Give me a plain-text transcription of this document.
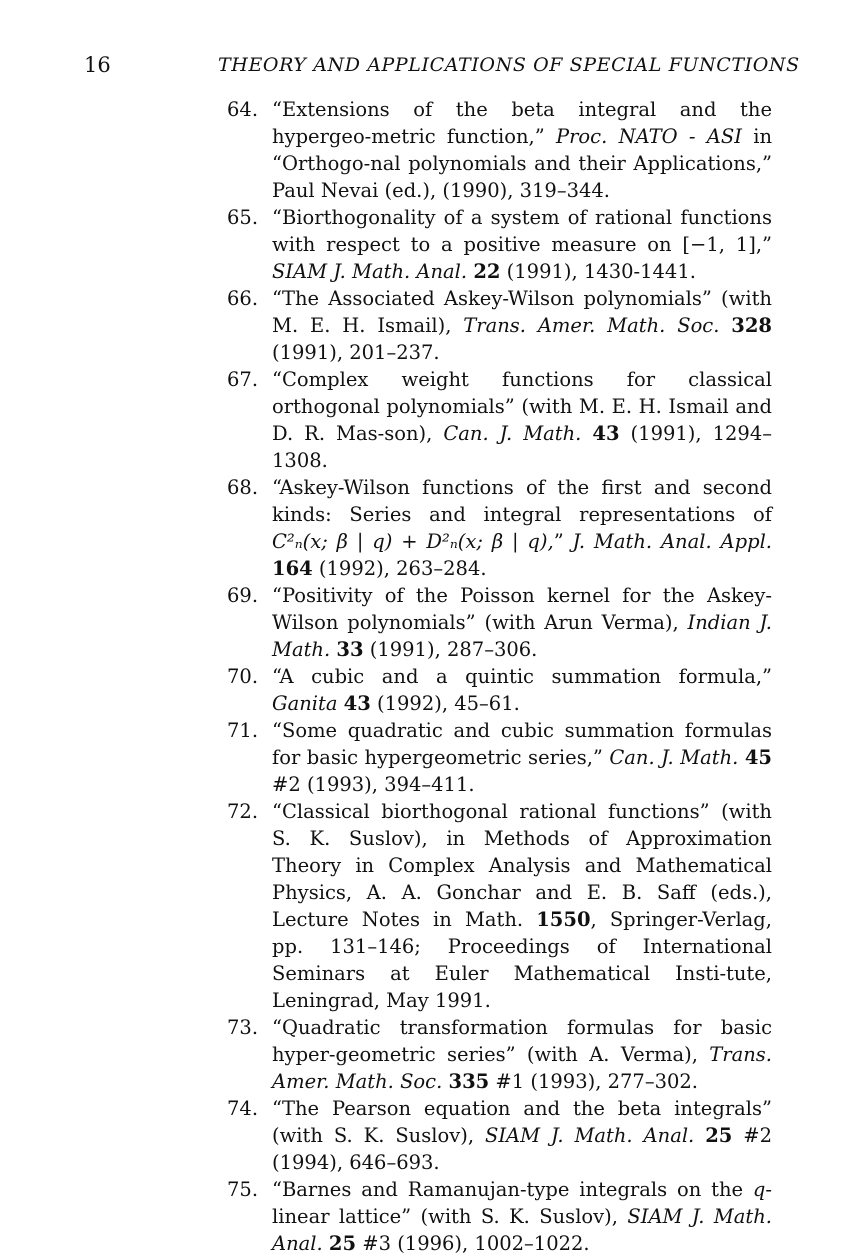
16	THEORY AND APPLICATIONS OF SPECIAL FUNCTIONS
64. “Extensions of the beta integral and the hypergeo-metric function,” Proc. NATO - ASI in “Orthogo-nal polynomials and their Applications,” Paul Nevai (ed.), (1990), 319–344.
65. “Biorthogonality of a system of rational functions with respect to a positive measure on [−1, 1],” SIAM J. Math. Anal. 22 (1991), 1430-1441.
66. “The Associated Askey-Wilson polynomials” (with M. E. H. Ismail), Trans. Amer. Math. Soc. 328 (1991), 201–237.
67. “Complex weight functions for classical orthogonal polynomials” (with M. E. H. Ismail and D. R. Mas-son), Can. J. Math. 43 (1991), 1294–1308.
68. “Askey-Wilson functions of the first and second kinds: Series and integral representations of C²ₙ(x; β | q) + D²ₙ(x; β | q),” J. Math. Anal. Appl. 164 (1992), 263–284.
69. “Positivity of the Poisson kernel for the Askey-Wilson polynomials” (with Arun Verma), Indian J. Math. 33 (1991), 287–306.
70. “A cubic and a quintic summation formula,” Ganita 43 (1992), 45–61.
71. “Some quadratic and cubic summation formulas for basic hypergeometric series,” Can. J. Math. 45 #2 (1993), 394–411.
72. “Classical biorthogonal rational functions” (with S. K. Suslov), in Methods of Approximation Theory in Complex Analysis and Mathematical Physics, A. A. Gonchar and E. B. Saff (eds.), Lecture Notes in Math. 1550, Springer-Verlag, pp. 131–146; Proceedings of International Seminars at Euler Mathematical Insti-tute, Leningrad, May 1991.
73. “Quadratic transformation formulas for basic hyper-geometric series” (with A. Verma), Trans. Amer. Math. Soc. 335 #1 (1993), 277–302.
74. “The Pearson equation and the beta integrals” (with S. K. Suslov), SIAM J. Math. Anal. 25 #2 (1994), 646–693.
75. “Barnes and Ramanujan-type integrals on the q-linear lattice” (with S. K. Suslov), SIAM J. Math. Anal. 25 #3 (1996), 1002–1022.
